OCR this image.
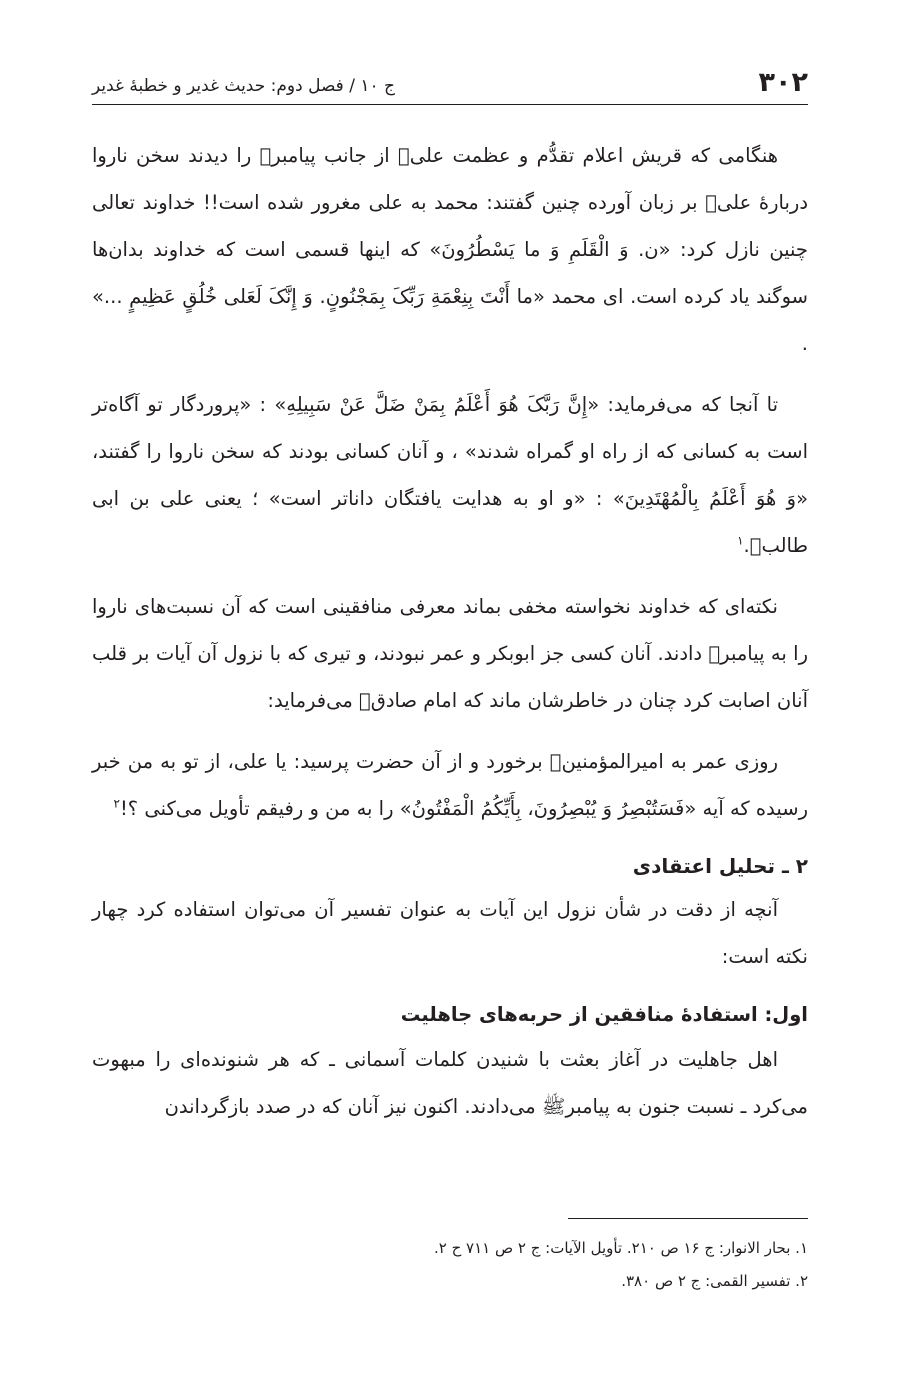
۳۰۲
ج ۱۰ / فصل دوم: حدیث غدیر و خطبۀ غدیر

هنگامی که قریش اعلام تقدُّم و عظمت علیؑ از جانب پیامبرﷺ را دیدند سخن ناروا دربارۀ علیؑ بر زبان آورده چنین گفتند: محمد به علی مغرور شده است!! خداوند تعالی چنین نازل کرد: «ن. وَ الْقَلَمِ وَ ما یَسْطُرُونَ» که اینها قسمی است که خداوند بدان‌ها سوگند یاد کرده است. ای محمد «ما أَنْتَ بِنِعْمَةِ رَبِّکَ بِمَجْنُونٍ. وَ إِنَّکَ لَعَلی خُلُقٍ عَظِیمٍ ...» .

تا آنجا که می‌فرماید: «إِنَّ رَبَّکَ هُوَ أَعْلَمُ بِمَنْ ضَلَّ عَنْ سَبِیلِهِ» : «پروردگار تو آگاه‌تر است به کسانی که از راه او گمراه شدند» ، و آنان کسانی بودند که سخن ناروا را گفتند، «وَ هُوَ أَعْلَمُ بِالْمُهْتَدِینَ» : «و او به هدایت یافتگان داناتر است» ؛ یعنی علی بن ابی طالبؑ.$^۱$

نکته‌ای که خداوند نخواسته مخفی بماند معرفی منافقینی است که آن نسبت‌های ناروا را به پیامبرﷺ دادند. آنان کسی جز ابوبکر و عمر نبودند، و تیری که با نزول آن آیات بر قلب آنان اصابت کرد چنان در خاطرشان ماند که امام صادقؑ می‌فرماید:

روزی عمر به امیرالمؤمنینؑ برخورد و از آن حضرت پرسید: یا علی، از تو به من خبر رسیده که آیه «فَسَتُبْصِرُ وَ یُبْصِرُونَ، بِأَیِّکُمُ الْمَفْتُونُ» را به من و رفیقم تأویل می‌کنی ؟!$^۲$

۲ ـ تحلیل اعتقادی

آنچه از دقت در شأن نزول این آیات به عنوان تفسیر آن می‌توان استفاده کرد چهار نکته است:

اول: استفادۀ منافقین از حربه‌های جاهلیت

اهل جاهلیت در آغاز بعثت با شنیدن کلمات آسمانی ـ که هر شنونده‌ای را مبهوت می‌کرد ـ نسبت جنون به پیامبرﷺ می‌دادند. اکنون نیز آنان که در صدد بازگرداندن

۱. بحار الانوار: ج ۱۶ ص ۲۱۰. تأویل الآیات: ج ۲ ص ۷۱۱ ح ۲.
۲. تفسیر القمی: ج ۲ ص ۳۸۰.
